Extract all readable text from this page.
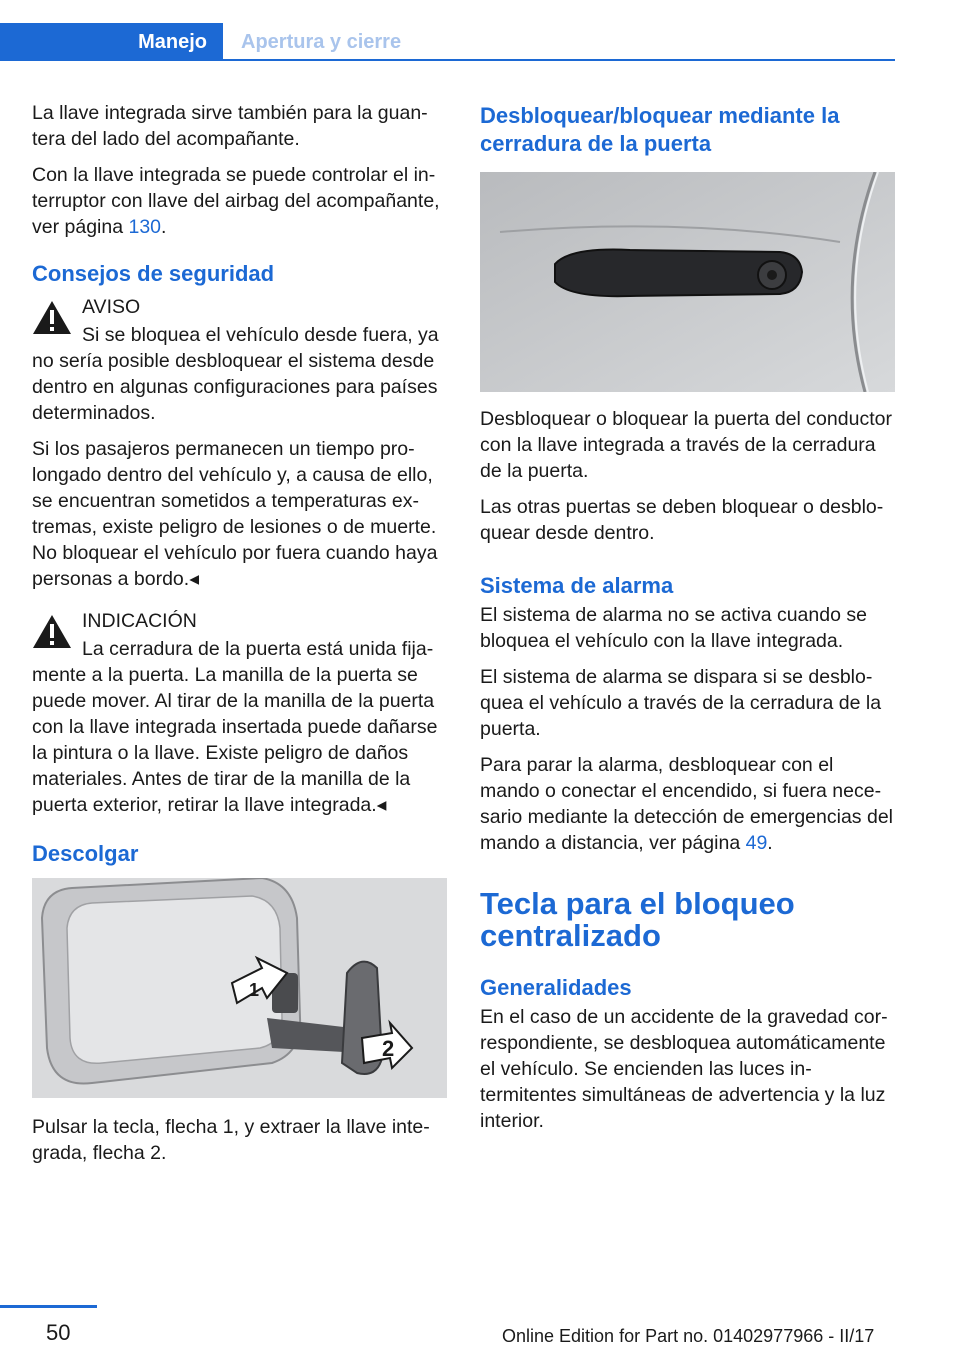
Manejo	Apertura y cierre

La llave integrada sirve también para la guantera del lado del acompañante.

Con la llave integrada se puede controlar el interruptor con llave del airbag del acompañante, ver página 130.

Consejos de seguridad

AVISO

Si se bloquea el vehículo desde fuera, ya no sería posible desbloquear el sistema desde dentro en algunas configuraciones para países determinados.

Si los pasajeros permanecen un tiempo prolongado dentro del vehículo y, a causa de ello, se encuentran sometidos a temperaturas extremas, existe peligro de lesiones o de muerte. No bloquear el vehículo por fuera cuando haya personas a bordo.◂

INDICACIÓN

La cerradura de la puerta está unida fijamente a la puerta. La manilla de la puerta se puede mover. Al tirar de la manilla de la puerta con la llave integrada insertada puede dañarse la pintura o la llave. Existe peligro de daños materiales. Antes de tirar de la manilla de la puerta exterior, retirar la llave integrada.◂

Descolgar
1
2

Pulsar la tecla, flecha 1, y extraer la llave integrada, flecha 2.

Desbloquear/bloquear mediante la cerradura de la puerta

Desbloquear o bloquear la puerta del conductor con la llave integrada a través de la cerradura de la puerta.

Las otras puertas se deben bloquear o desbloquear desde dentro.

Sistema de alarma

El sistema de alarma no se activa cuando se bloquea el vehículo con la llave integrada.

El sistema de alarma se dispara si se desbloquea el vehículo a través de la cerradura de la puerta.

Para parar la alarma, desbloquear con el mando o conectar el encendido, si fuera necesario mediante la detección de emergencias del mando a distancia, ver página 49.

Tecla para el bloqueo centralizado
Generalidades

En el caso de un accidente de la gravedad correspondiente, se desbloquea automáticamente el vehículo. Se encienden las luces intermitentes simultáneas de advertencia y la luz interior.

50	Online Edition for Part no. 01402977966 - II/17
